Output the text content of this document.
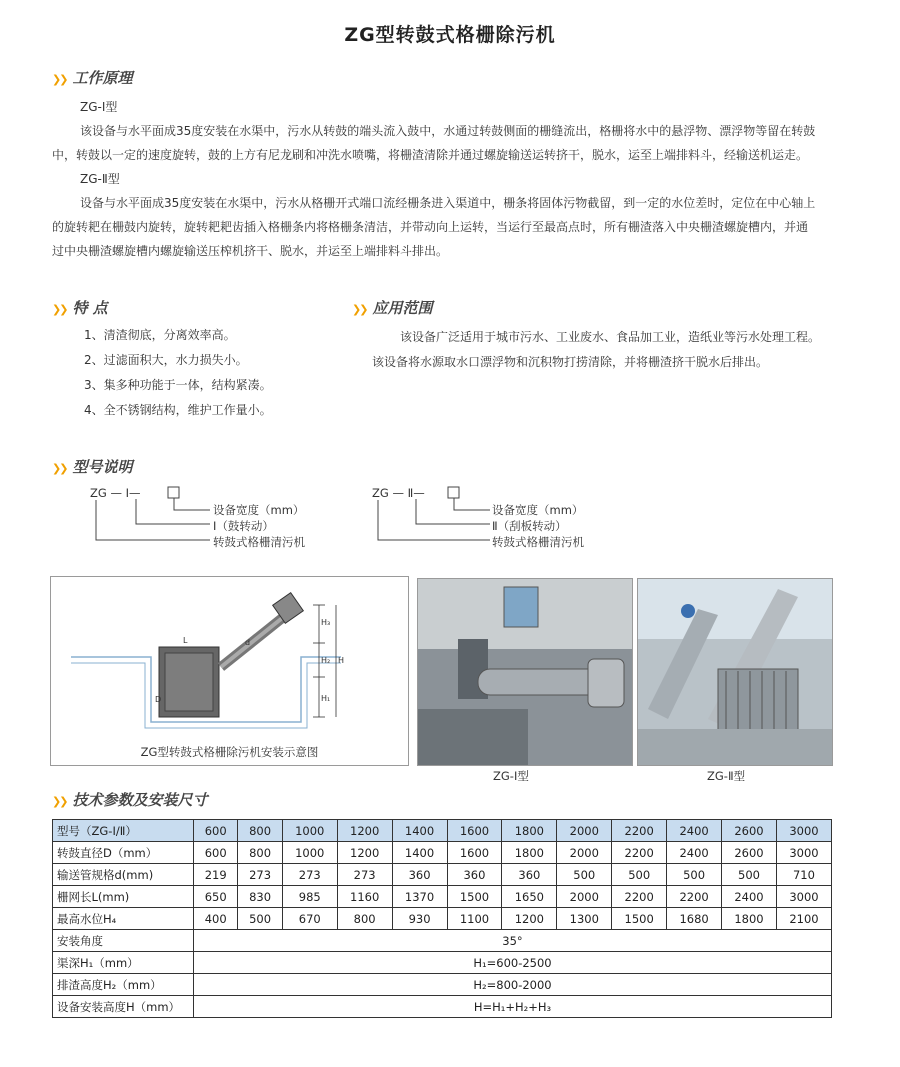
ZG型转鼓式格栅除污机
❯❯ 工作原理
ZG-Ⅰ型
该设备与水平面成35度安装在水渠中，污水从转鼓的端头流入鼓中，水通过转鼓侧面的栅缝流出，格栅将水中的悬浮物、漂浮物等留在转鼓
中，转鼓以一定的速度旋转，鼓的上方有尼龙刷和冲洗水喷嘴，将栅渣清除并通过螺旋输送运转挤干，脱水，运至上端排料斗，经输送机运走。
ZG-Ⅱ型
设备与水平面成35度安装在水渠中，污水从格栅开式端口流经栅条进入渠道中，栅条将固体污物截留，到一定的水位差时，定位在中心轴上
的旋转耙在栅鼓内旋转，旋转耙耙齿插入格栅条内将格栅条清洁，并带动向上运转，当运行至最高点时，所有栅渣落入中央栅渣螺旋槽内，并通
过中央栅渣螺旋槽内螺旋输送压榨机挤干、脱水，并运至上端排料斗排出。
❯❯ 特 点
1、清渣彻底，分离效率高。
2、过滤面积大，水力损失小。
3、集多种功能于一体，结构紧凑。
4、全不锈钢结构，维护工作量小。
❯❯ 应用范围
该设备广泛适用于城市污水、工业废水、食品加工业，造纸业等污水处理工程。
该设备将水源取水口漂浮物和沉积物打捞清除，并将栅渣挤干脱水后排出。
❯❯ 型号说明
ZG — Ⅰ—
设备宽度（mm）
Ⅰ（鼓转动）
转鼓式格栅清污机
ZG — Ⅱ—
设备宽度（mm）
Ⅱ（刮板转动）
转鼓式格栅清污机
H₃
H₂ H
H₁
L
D
d
ZG型转鼓式格栅除污机安装示意图
ZG-Ⅰ型	ZG-Ⅱ型
❯❯ 技术参数及安装尺寸
型号（ZG-Ⅰ/Ⅱ）	600	800	1000	1200	1400	1600	1800	2000	2200	2400	2600	3000
转鼓直径D（mm）	600	800	1000	1200	1400	1600	1800	2000	2200	2400	2600	3000
输送管规格d(mm)	219	273	273	273	360	360	360	500	500	500	500	710
栅网长L(mm)	650	830	985	1160	1370	1500	1650	2000	2200	2200	2400	3000
最高水位H₄	400	500	670	800	930	1100	1200	1300	1500	1680	1800	2100
安装角度	35°											
渠深H₁（mm）	H₁=600-2500											
排渣高度H₂（mm）	H₂=800-2000											
设备安装高度H（mm）	H=H₁+H₂+H₃											
